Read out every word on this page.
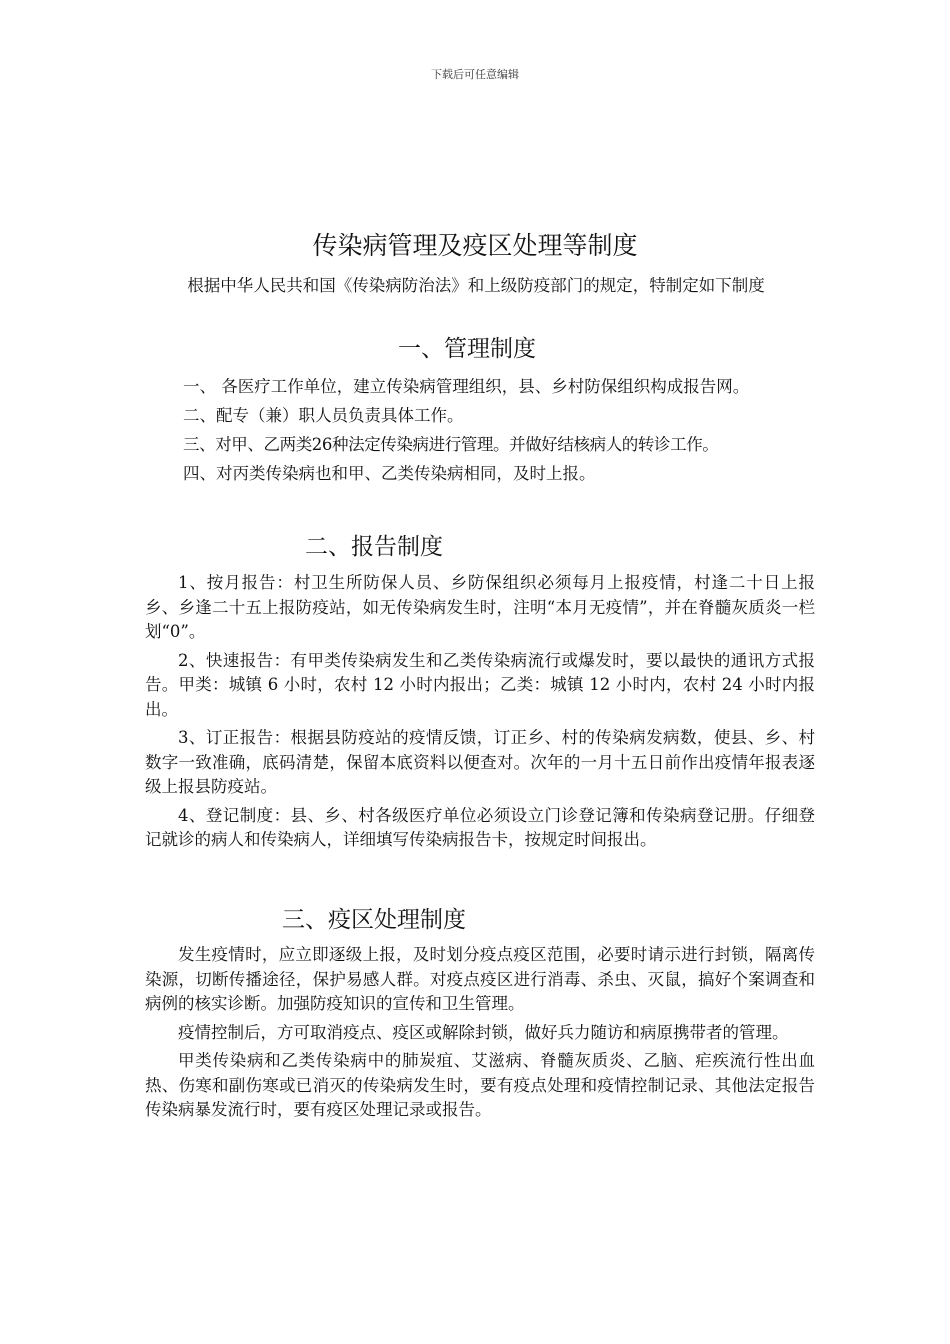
下载后可任意编辑
传染病管理及疫区处理等制度
根据中华人民共和国《传染病防治法》和上级防疫部门的规定，特制定如下制度
一、管理制度

一、 各医疗工作单位，建立传染病管理组织，县、乡村防保组织构成报告网。

二、配专（兼）职人员负责具体工作。

三、对甲、乙两类26种法定传染病进行管理。并做好结核病人的转诊工作。

四、对丙类传染病也和甲、乙类传染病相同，及时上报。

二、报告制度

1、按月报告：村卫生所防保人员、乡防保组织必须每月上报疫情，村逢二十日上报乡、乡逢二十五上报防疫站，如无传染病发生时，注明“本月无疫情”，并在脊髓灰质炎一栏划“0”。

2、快速报告：有甲类传染病发生和乙类传染病流行或爆发时，要以最快的通讯方式报告。甲类：城镇 6 小时，农村 12 小时内报出；乙类：城镇 12 小时内，农村 24 小时内报出。

3、订正报告：根据县防疫站的疫情反馈，订正乡、村的传染病发病数，使县、乡、村数字一致准确，底码清楚，保留本底资料以便查对。次年的一月十五日前作出疫情年报表逐级上报县防疫站。

4、登记制度：县、乡、村各级医疗单位必须设立门诊登记簿和传染病登记册。仔细登记就诊的病人和传染病人，详细填写传染病报告卡，按规定时间报出。

三、疫区处理制度

发生疫情时，应立即逐级上报，及时划分疫点疫区范围，必要时请示进行封锁，隔离传染源，切断传播途径，保护易感人群。对疫点疫区进行消毒、杀虫、灭鼠，搞好个案调查和病例的核实诊断。加强防疫知识的宣传和卫生管理。

疫情控制后，方可取消疫点、疫区或解除封锁，做好兵力随访和病原携带者的管理。

甲类传染病和乙类传染病中的肺炭疽、艾滋病、脊髓灰质炎、乙脑、疟疾流行性出血热、伤寒和副伤寒或已消灭的传染病发生时，要有疫点处理和疫情控制记录、其他法定报告传染病暴发流行时，要有疫区处理记录或报告。
